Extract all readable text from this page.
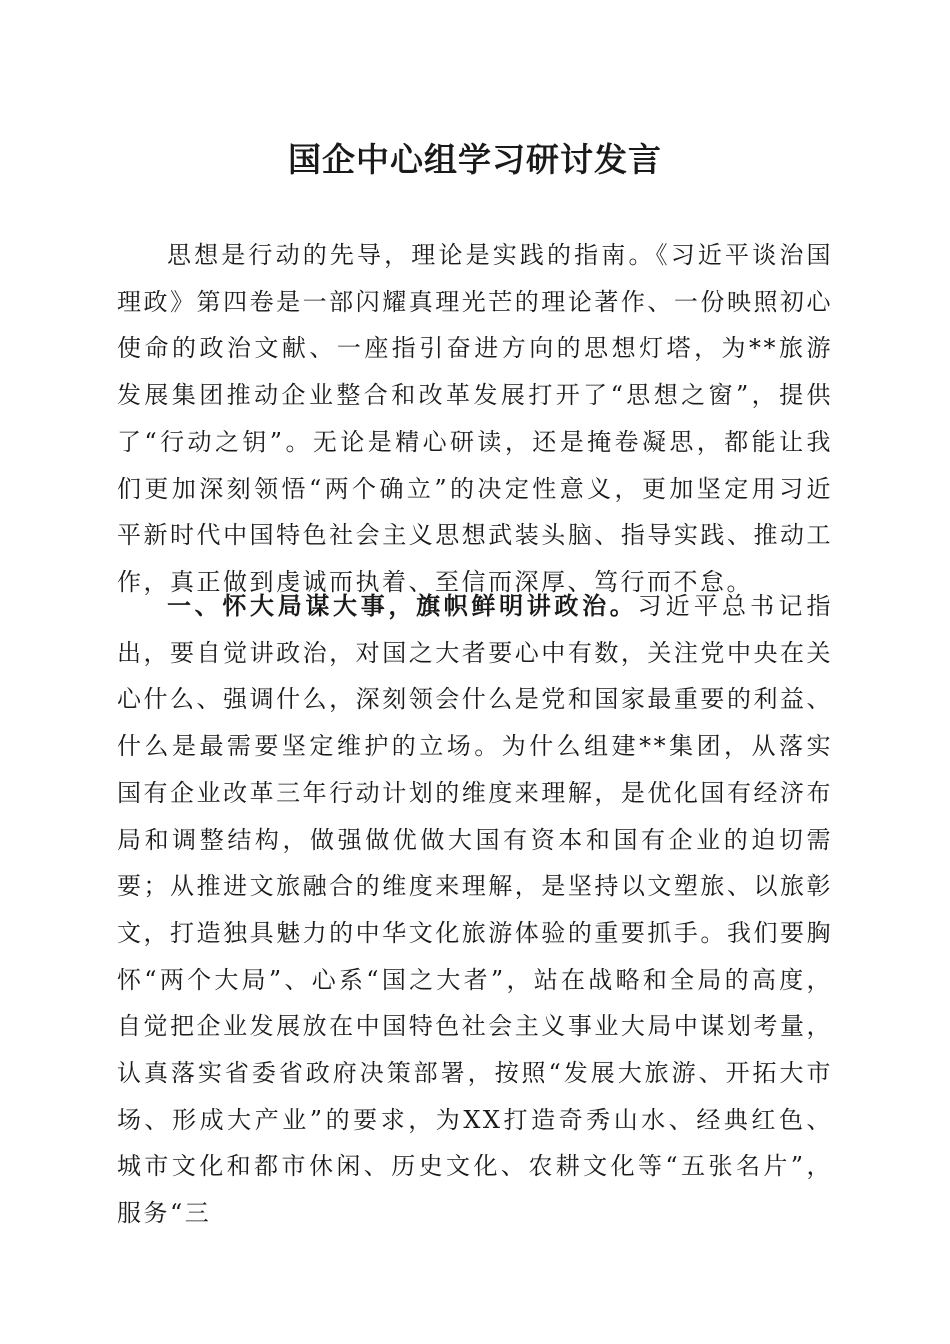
国企中心组学习研讨发言

思想是行动的先导，理论是实践的指南。《习近平谈治国理政》第四卷是一部闪耀真理光芒的理论著作、一份映照初心使命的政治文献、一座指引奋进方向的思想灯塔，为**旅游发展集团推动企业整合和改革发展打开了“思想之窗”，提供了“行动之钥”。无论是精心研读，还是掩卷凝思，都能让我们更加深刻领悟“两个确立”的决定性意义，更加坚定用习近平新时代中国特色社会主义思想武装头脑、指导实践、推动工作，真正做到虔诚而执着、至信而深厚、笃行而不怠。

一、怀大局谋大事，旗帜鲜明讲政治。习近平总书记指出，要自觉讲政治，对国之大者要心中有数，关注党中央在关心什么、强调什么，深刻领会什么是党和国家最重要的利益、什么是最需要坚定维护的立场。为什么组建**集团，从落实国有企业改革三年行动计划的维度来理解，是优化国有经济布局和调整结构，做强做优做大国有资本和国有企业的迫切需要；从推进文旅融合的维度来理解，是坚持以文塑旅、以旅彰文，打造独具魅力的中华文化旅游体验的重要抓手。我们要胸怀“两个大局”、心系“国之大者”，站在战略和全局的高度，自觉把企业发展放在中国特色社会主义事业大局中谋划考量，认真落实省委省政府决策部署，按照“发展大旅游、开拓大市场、形成大产业”的要求，为XX打造奇秀山水、经典红色、城市文化和都市休闲、历史文化、农耕文化等“五张名片”，服务“三
